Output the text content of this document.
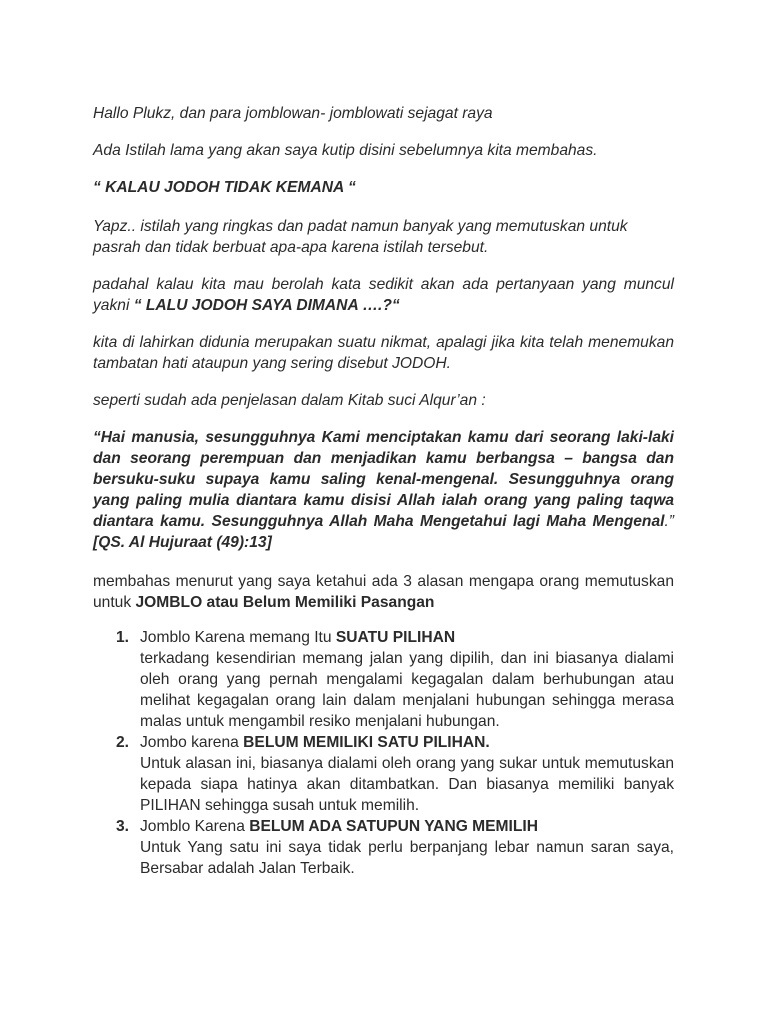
Hallo Plukz, dan para jomblowan- jomblowati sejagat raya

Ada Istilah lama yang akan saya kutip disini sebelumnya kita membahas.

“ KALAU JODOH TIDAK KEMANA “

Yapz.. istilah yang ringkas dan padat namun banyak yang memutuskan untuk pasrah dan tidak berbuat apa-apa karena istilah tersebut.

padahal kalau kita mau berolah kata sedikit akan ada pertanyaan yang muncul yakni “ LALU JODOH SAYA DIMANA ….?“

kita di lahirkan didunia merupakan suatu nikmat, apalagi jika kita telah menemukan tambatan hati ataupun yang sering disebut JODOH.

seperti sudah ada penjelasan dalam Kitab suci Alqur’an :

“Hai manusia, sesungguhnya Kami menciptakan kamu dari seorang laki-laki dan seorang perempuan dan menjadikan kamu berbangsa – bangsa dan bersuku-suku supaya kamu saling kenal-mengenal. Sesungguhnya orang yang paling mulia diantara kamu disisi Allah ialah orang yang paling taqwa diantara kamu. Sesungguhnya Allah Maha Mengetahui lagi Maha Mengenal.” [QS. Al Hujuraat (49):13]

membahas menurut yang saya ketahui ada 3 alasan mengapa orang memutuskan untuk JOMBLO atau Belum Memiliki Pasangan

1. Jomblo Karena memang Itu SUATU PILIHAN

terkadang kesendirian memang jalan yang dipilih, dan ini biasanya dialami oleh orang yang pernah mengalami kegagalan dalam berhubungan atau melihat kegagalan orang lain dalam menjalani hubungan sehingga merasa malas untuk mengambil resiko menjalani hubungan.

2. Jombo karena BELUM MEMILIKI SATU PILIHAN.

Untuk alasan ini, biasanya dialami oleh orang yang sukar untuk memutuskan kepada siapa hatinya akan ditambatkan. Dan biasanya memiliki banyak PILIHAN sehingga susah untuk memilih.

3. Jomblo Karena BELUM ADA SATUPUN YANG MEMILIH

Untuk Yang satu ini saya tidak perlu berpanjang lebar namun saran saya, Bersabar adalah Jalan Terbaik.
